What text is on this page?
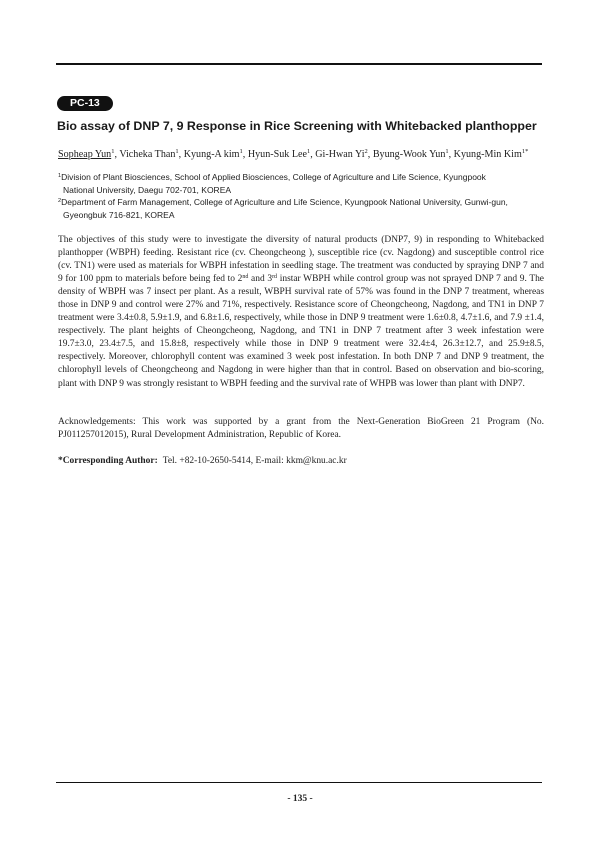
PC-13
Bio assay of DNP 7, 9 Response in Rice Screening with Whitebacked planthopper
Sopheap Yun$^1$, Vicheka Than$^1$, Kyung-A kim$^1$, Hyun-Suk Lee$^1$, Gi-Hwan Yi$^2$, Byung-Wook Yun$^1$, Kyung-Min Kim$^{1*}$
$^1$Division of Plant Biosciences, School of Applied Biosciences, College of Agriculture and Life Science, Kyungpook
National University, Daegu 702-701, KOREA
$^2$Department of Farm Management, College of Agriculture and Life Science, Kyungpook National University, Gunwi-gun,
Gyeongbuk 716-821, KOREA
The objectives of this study were to investigate the diversity of natural products (DNP7, 9) in responding to Whitebacked planthopper (WBPH) feeding. Resistant rice (cv. Cheongcheong ), susceptible rice (cv. Nagdong) and susceptible control rice (cv. TN1) were used as materials for WBPH infestation in seedling stage. The treatment was conducted by spraying DNP 7 and 9 for 100 ppm to materials before being fed to 2nd and 3rd instar WBPH while control group was not sprayed DNP 7 and 9. The density of WBPH was 7 insect per plant. As a result, WBPH survival rate of 57% was found in the DNP 7 treatment, whereas those in DNP 9 and control were 27% and 71%, respectively. Resistance score of Cheongcheong, Nagdong, and TN1 in DNP 7 treatment were 3.4±0.8, 5.9±1.9, and 6.8±1.6, respectively, while those in DNP 9 treatment were 1.6±0.8, 4.7±1.6, and 7.9 ±1.4, respectively. The plant heights of Cheongcheong, Nagdong, and TN1 in DNP 7 treatment after 3 week infestation were 19.7±3.0, 23.4±7.5, and 15.8±8, respectively while those in DNP 9 treatment were 32.4±4, 26.3±12.7, and 25.9±8.5, respectively. Moreover, chlorophyll content was examined 3 week post infestation. In both DNP 7 and DNP 9 treatment, the chlorophyll levels of Cheongcheong and Nagdong in were higher than that in control. Based on observation and bio-scoring, plant with DNP 9 was strongly resistant to WBPH feeding and the survival rate of WHPB was lower than plant with DNP7.
Acknowledgements: This work was supported by a grant from the Next-Generation BioGreen 21 Program (No. PJ011257012015), Rural Development Administration, Republic of Korea.
*Corresponding Author: Tel. +82-10-2650-5414, E-mail: kkm@knu.ac.kr
- 135 -
